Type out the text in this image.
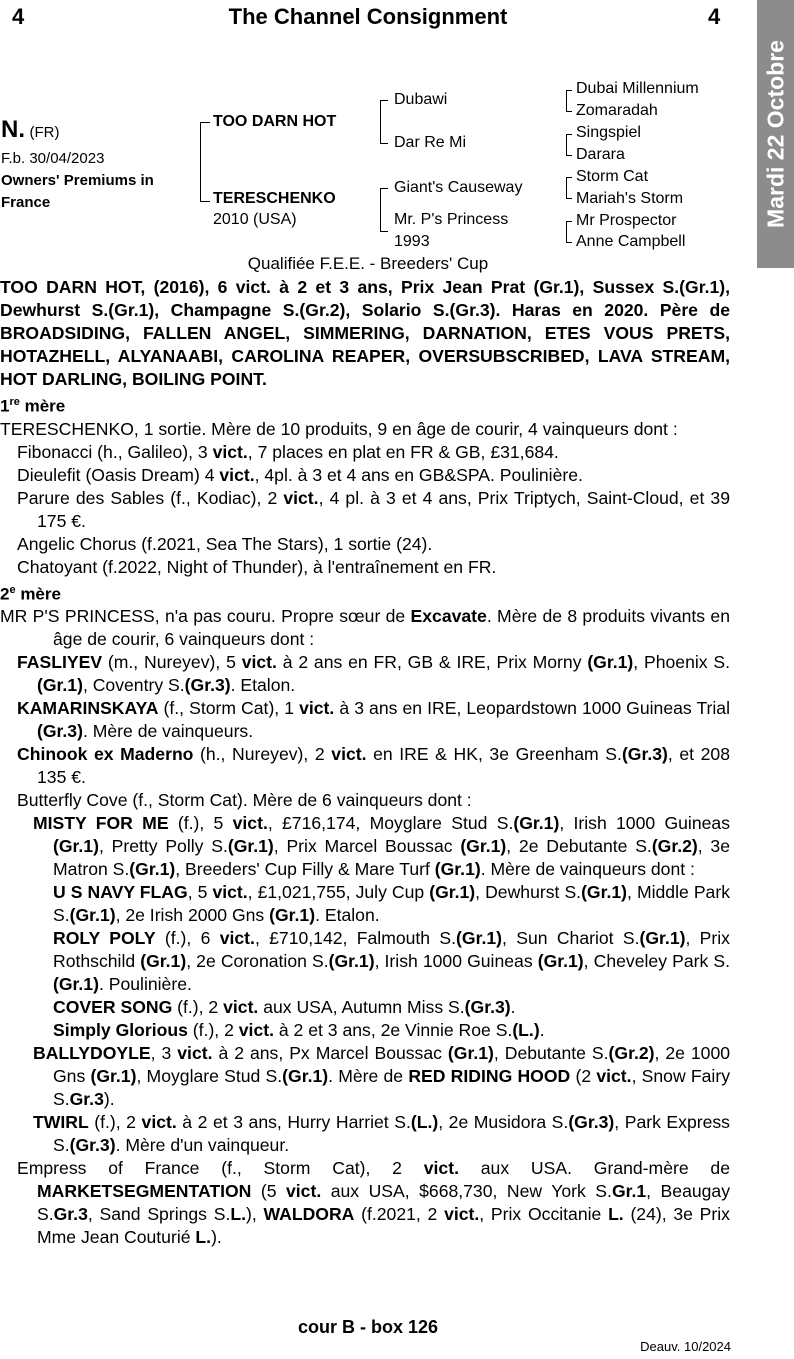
4	The Channel Consignment	4
Mardi 22 Octobre
N. (FR)
F.b. 30/04/2023
Owners' Premiums in
France
TOO DARN HOT
TERESCHENKO
2010 (USA)
Dubawi
Dar Re Mi
Giant's Causeway
Mr. P's Princess
1993
Dubai Millennium
Zomaradah
Singspiel
Darara
Storm Cat
Mariah's Storm
Mr Prospector
Anne Campbell
Qualifiée F.E.E. - Breeders' Cup

TOO DARN HOT, (2016), 6 vict. à 2 et 3 ans, Prix Jean Prat (Gr.1), Sussex S.(Gr.1), Dewhurst S.(Gr.1), Champagne S.(Gr.2), Solario S.(Gr.3). Haras en 2020. Père de BROADSIDING, FALLEN ANGEL, SIMMERING, DARNATION, ETES VOUS PRETS, HOTAZHELL, ALYANAABI, CAROLINA REAPER, OVERSUBSCRIBED, LAVA STREAM, HOT DARLING, BOILING POINT.

1re mère

TERESCHENKO, 1 sortie. Mère de 10 produits, 9 en âge de courir, 4 vainqueurs dont :

Fibonacci (h., Galileo), 3 vict., 7 places en plat en FR & GB, £31,684.

Dieulefit (Oasis Dream) 4 vict., 4pl. à 3 et 4 ans en GB&SPA. Poulinière.

Parure des Sables (f., Kodiac), 2 vict., 4 pl. à 3 et 4 ans, Prix Triptych, Saint-Cloud, et 39 175 €.

Angelic Chorus (f.2021, Sea The Stars), 1 sortie (24).

Chatoyant (f.2022, Night of Thunder), à l'entraînement en FR.

2e mère

MR P'S PRINCESS, n'a pas couru. Propre sœur de Excavate. Mère de 8 produits vivants en âge de courir, 6 vainqueurs dont :

FASLIYEV (m., Nureyev), 5 vict. à 2 ans en FR, GB & IRE, Prix Morny (Gr.1), Phoenix S.(Gr.1), Coventry S.(Gr.3). Etalon.

KAMARINSKAYA (f., Storm Cat), 1 vict. à 3 ans en IRE, Leopardstown 1000 Guineas Trial (Gr.3). Mère de vainqueurs.

Chinook ex Maderno (h., Nureyev), 2 vict. en IRE & HK, 3e Greenham S.(Gr.3), et 208 135 €.

Butterfly Cove (f., Storm Cat). Mère de 6 vainqueurs dont :

MISTY FOR ME (f.), 5 vict., £716,174, Moyglare Stud S.(Gr.1), Irish 1000 Guineas (Gr.1), Pretty Polly S.(Gr.1), Prix Marcel Boussac (Gr.1), 2e Debutante S.(Gr.2), 3e Matron S.(Gr.1), Breeders' Cup Filly & Mare Turf (Gr.1). Mère de vainqueurs dont :

U S NAVY FLAG, 5 vict., £1,021,755, July Cup (Gr.1), Dewhurst S.(Gr.1), Middle Park S.(Gr.1), 2e Irish 2000 Gns (Gr.1). Etalon.

ROLY POLY (f.), 6 vict., £710,142, Falmouth S.(Gr.1), Sun Chariot S.(Gr.1), Prix Rothschild (Gr.1), 2e Coronation S.(Gr.1), Irish 1000 Guineas (Gr.1), Cheveley Park S.(Gr.1). Poulinière.

COVER SONG (f.), 2 vict. aux USA, Autumn Miss S.(Gr.3).

Simply Glorious (f.), 2 vict. à 2 et 3 ans, 2e Vinnie Roe S.(L.).

BALLYDOYLE, 3 vict. à 2 ans, Px Marcel Boussac (Gr.1), Debutante S.(Gr.2), 2e 1000 Gns (Gr.1), Moyglare Stud S.(Gr.1). Mère de RED RIDING HOOD (2 vict., Snow Fairy S.Gr.3).

TWIRL (f.), 2 vict. à 2 et 3 ans, Hurry Harriet S.(L.), 2e Musidora S.(Gr.3), Park Express S.(Gr.3). Mère d'un vainqueur.

Empress of France (f., Storm Cat), 2 vict. aux USA. Grand-mère de MARKETSEGMENTATION (5 vict. aux USA, $668,730, New York S.Gr.1, Beaugay S.Gr.3, Sand Springs S.L.), WALDORA (f.2021, 2 vict., Prix Occitanie L. (24), 3e Prix Mme Jean Couturié L.).

cour B - box 126
Deauv. 10/2024
